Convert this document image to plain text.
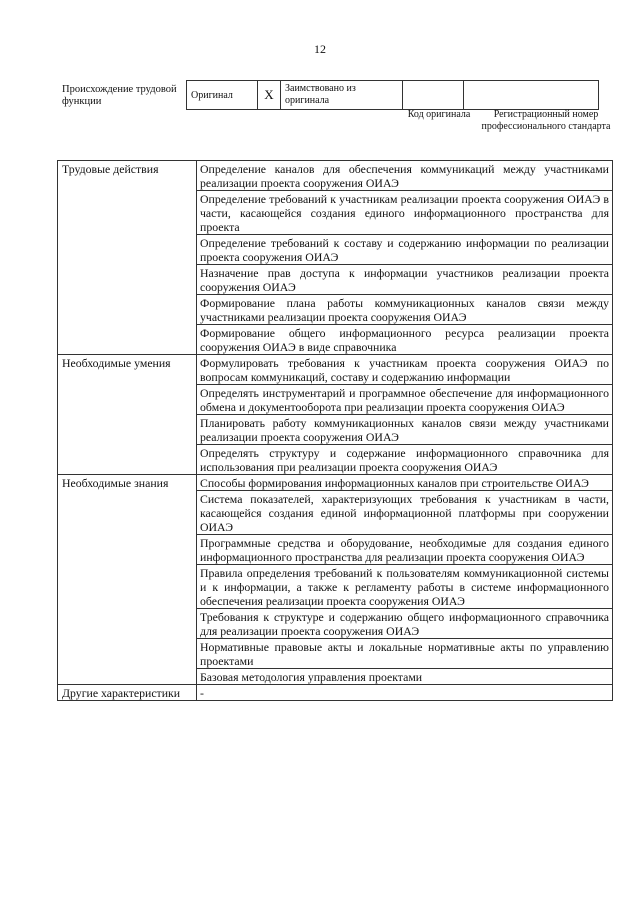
12
Происхождение трудовой функции
Оригинал	X	Заимствовано из оригинала		
Код оригинала	Регистрационный номер профессионального стандарта
Трудовые действия	Определение каналов для обеспечения коммуникаций между участниками реализации проекта сооружения ОИАЭ
	Определение требований к участникам реализации проекта сооружения ОИАЭ в части, касающейся создания единого информационного пространства для проекта
	Определение требований к составу и содержанию информации по реализации проекта сооружения ОИАЭ
	Назначение прав доступа к информации участников реализации проекта сооружения ОИАЭ
	Формирование плана работы коммуникационных каналов связи между участниками реализации проекта сооружения ОИАЭ
	Формирование общего информационного ресурса реализации проекта сооружения ОИАЭ в виде справочника
Необходимые умения	Формулировать требования к участникам проекта сооружения ОИАЭ по вопросам коммуникаций, составу и содержанию информации
	Определять инструментарий и программное обеспечение для информационного обмена и документооборота при реализации проекта сооружения ОИАЭ
	Планировать работу коммуникационных каналов связи между участниками реализации проекта сооружения ОИАЭ
	Определять структуру и содержание информационного справочника для использования при реализации проекта сооружения ОИАЭ
Необходимые знания	Способы формирования информационных каналов при строительстве ОИАЭ
	Система показателей, характеризующих требования к участникам в части, касающейся создания единой информационной платформы при сооружении ОИАЭ
	Программные средства и оборудование, необходимые для создания единого информационного пространства для реализации проекта сооружения ОИАЭ
	Правила определения требований к пользователям коммуникационной системы и к информации, а также к регламенту работы в системе информационного обеспечения реализации проекта сооружения ОИАЭ
	Требования к структуре и содержанию общего информационного справочника для реализации проекта сооружения ОИАЭ
	Нормативные правовые акты и локальные нормативные акты по управлению проектами
	Базовая методология управления проектами
Другие характеристики	-
